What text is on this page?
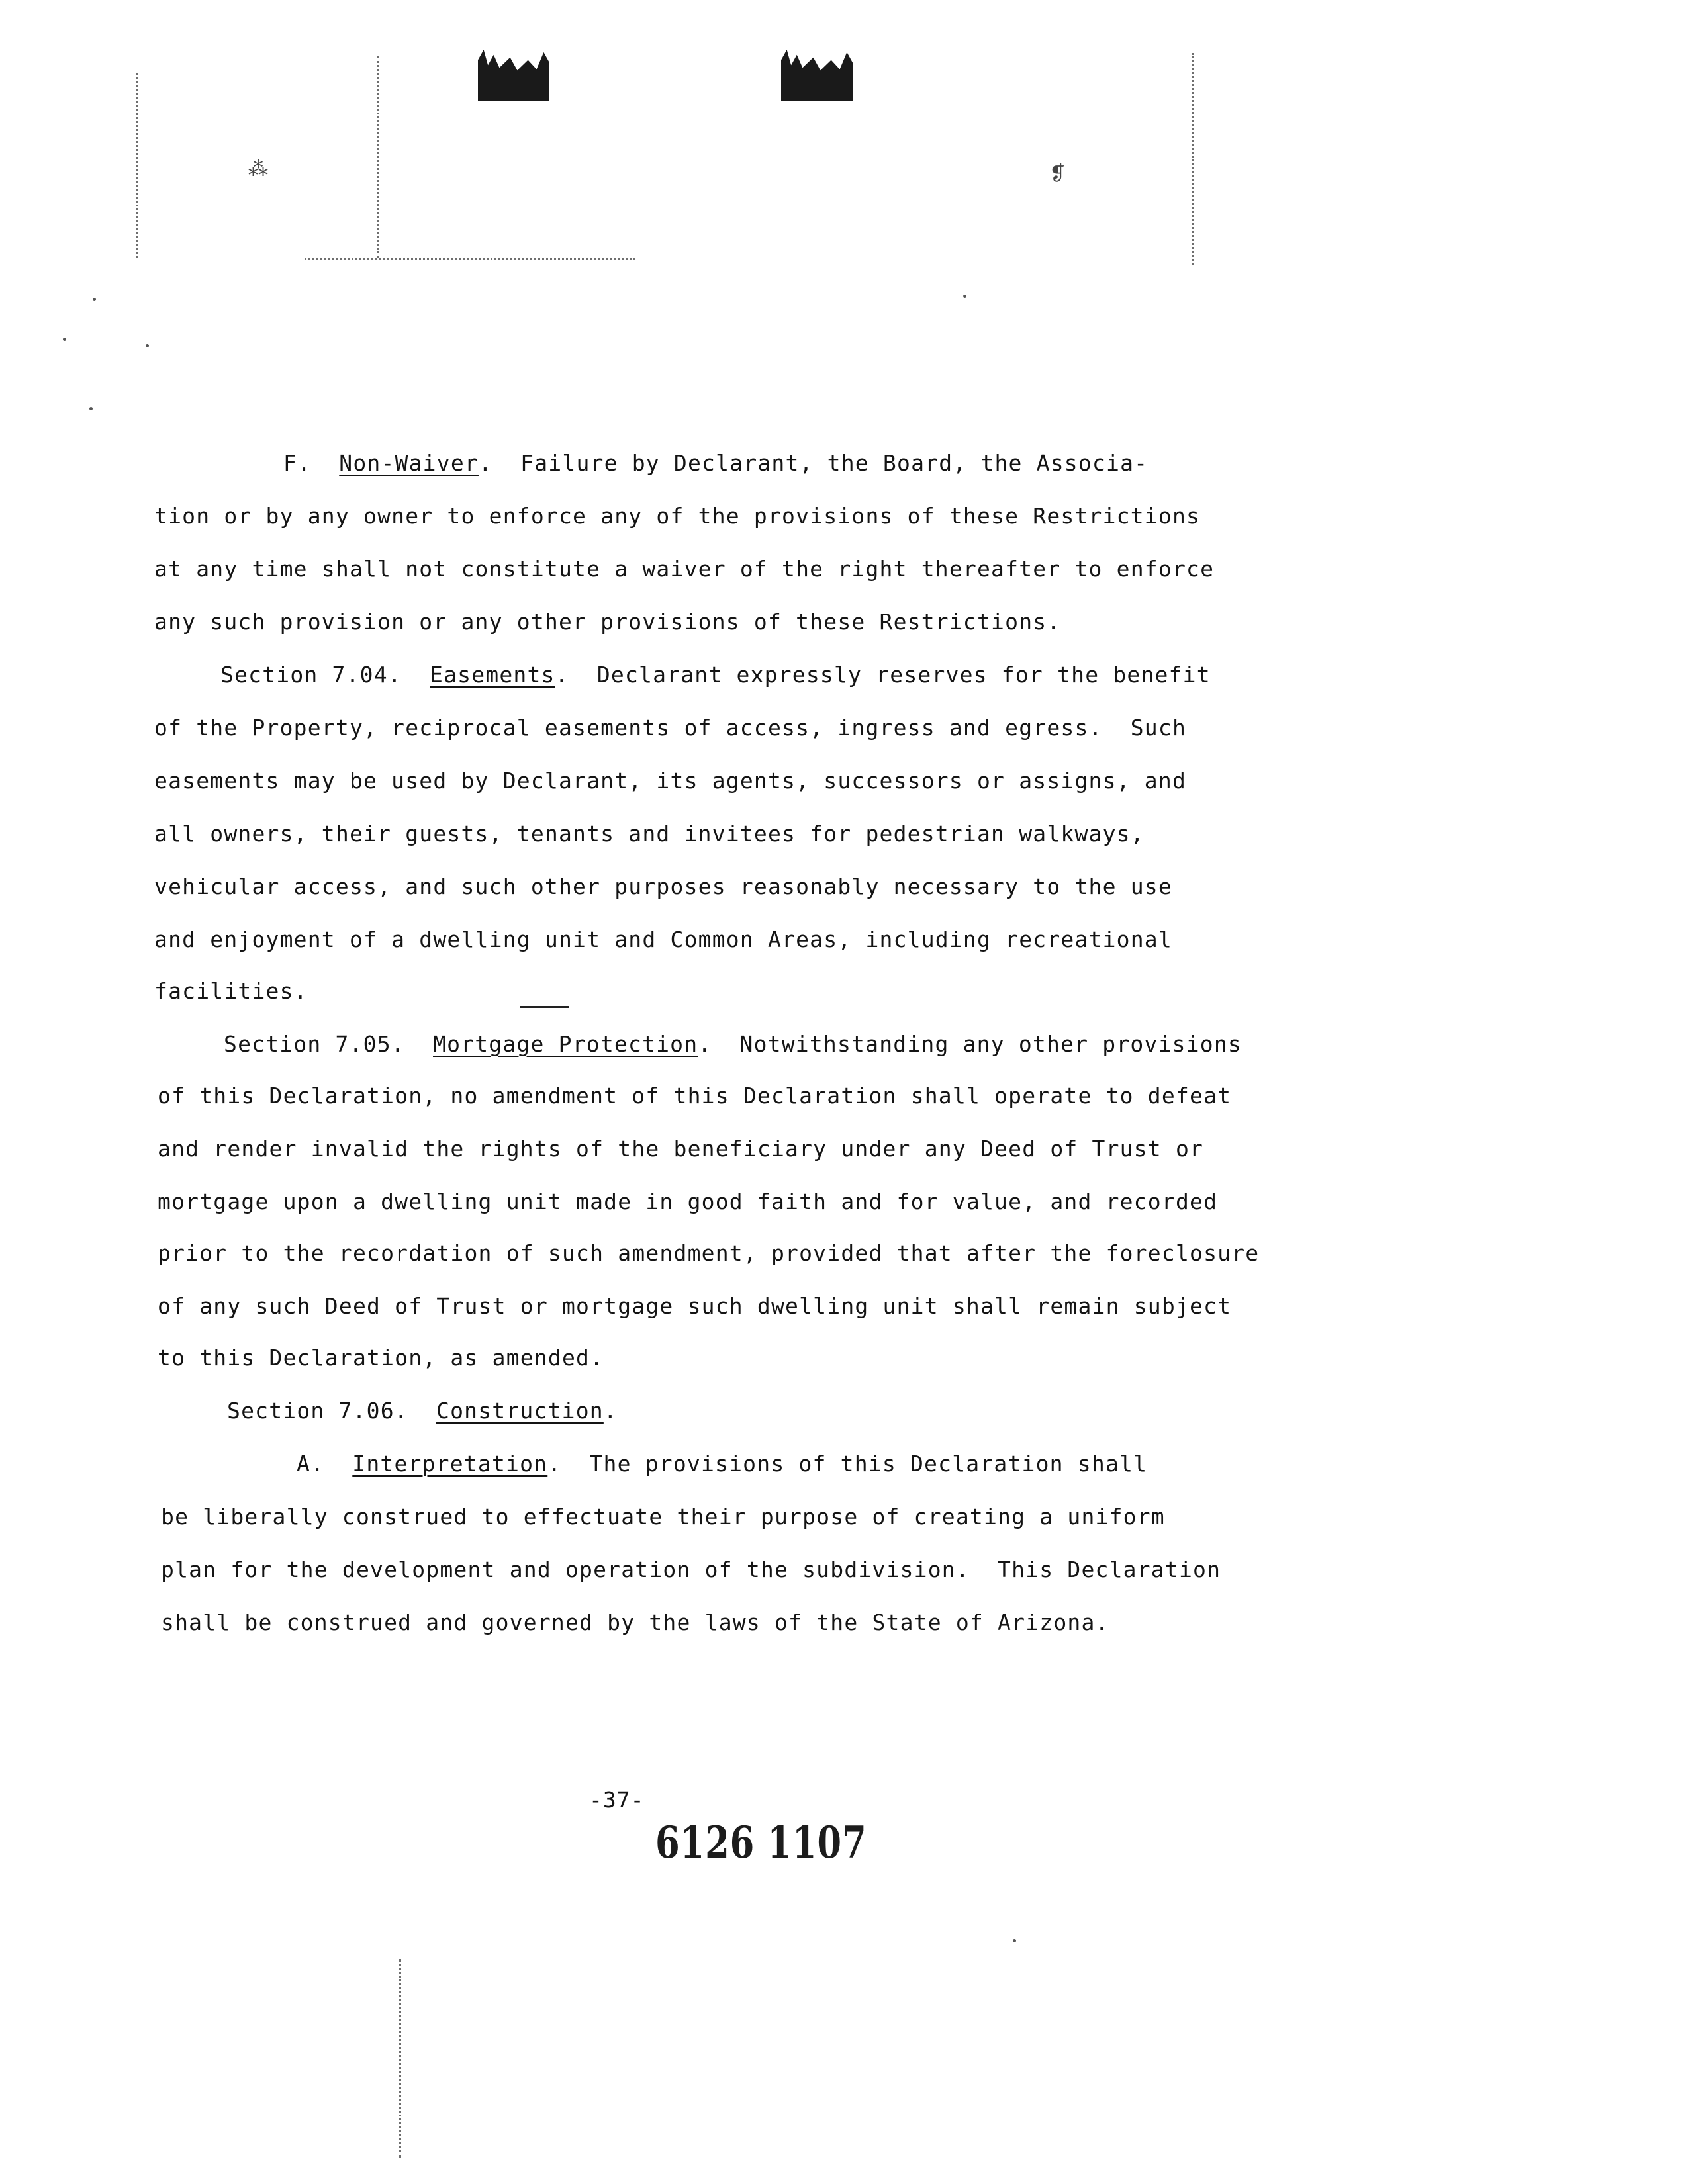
⁂	❡
F.  Non-Waiver.  Failure by Declarant, the Board, the Associa-
tion or by any owner to enforce any of the provisions of these Restrictions
at any time shall not constitute a waiver of the right thereafter to enforce
any such provision or any other provisions of these Restrictions.
Section 7.04.  Easements.  Declarant expressly reserves for the benefit
of the Property, reciprocal easements of access, ingress and egress.  Such
easements may be used by Declarant, its agents, successors or assigns, and
all owners, their guests, tenants and invitees for pedestrian walkways,
vehicular access, and such other purposes reasonably necessary to the use
and enjoyment of a dwelling unit and Common Areas, including recreational
facilities.
Section 7.05.  Mortgage Protection.  Notwithstanding any other provisions
of this Declaration, no amendment of this Declaration shall operate to defeat
and render invalid the rights of the beneficiary under any Deed of Trust or
mortgage upon a dwelling unit made in good faith and for value, and recorded
prior to the recordation of such amendment, provided that after the foreclosure
of any such Deed of Trust or mortgage such dwelling unit shall remain subject
to this Declaration, as amended.
Section 7.06.  Construction.
A.  Interpretation.  The provisions of this Declaration shall
be liberally construed to effectuate their purpose of creating a uniform
plan for the development and operation of the subdivision.  This Declaration
shall be construed and governed by the laws of the State of Arizona.
-37-
6126 1107
